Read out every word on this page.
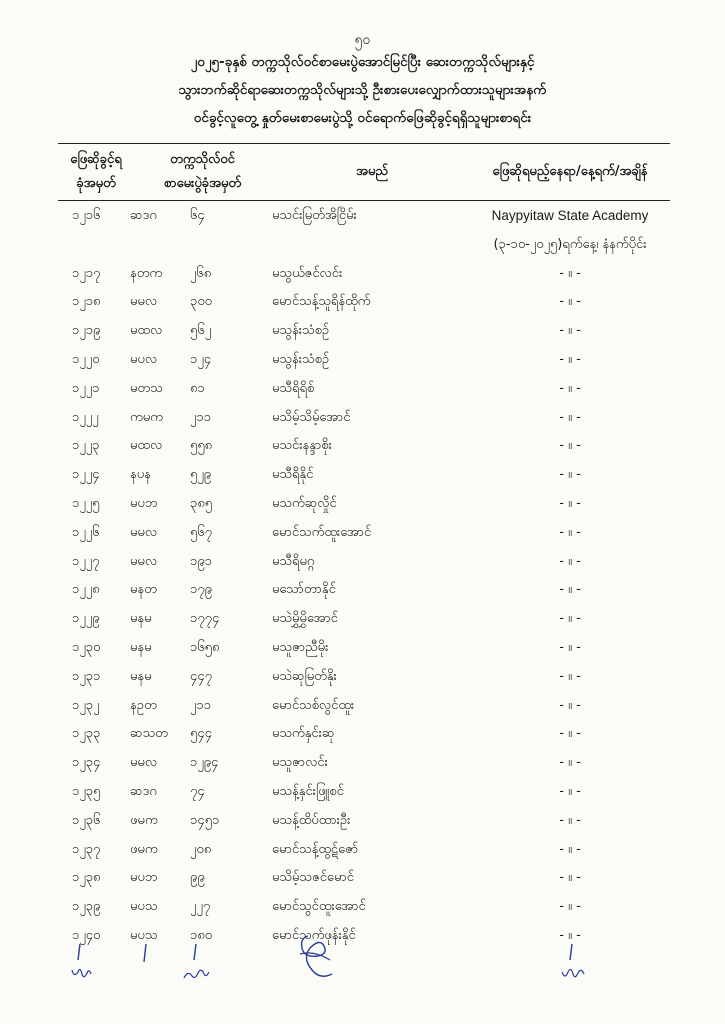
၅၀
၂၀၂၅-ခုနှစ် တက္ကသိုလ်ဝင်စာမေးပွဲအောင်မြင်ပြီး ဆေးတက္ကသိုလ်များနှင့်
သွားဘက်ဆိုင်ရာဆေးတက္ကသိုလ်များသို့ ဦးစားပေးလျှောက်ထားသူများအနက်
ဝင်ခွင့်လူတွေ့ နှုတ်မေးစာမေးပွဲသို့ ဝင်ရောက်ဖြေဆိုခွင့်ရရှိသူများစာရင်း
ဖြေဆိုခွင့်ရ
ခုံအမှတ်
တက္ကသိုလ်ဝင်
စာမေးပွဲခုံအမှတ်
အမည်	ဖြေဆိုရမည့်နေရာ/နေ့ရက်/အချိန်
၁၂၁၆	ဆဒဂ	၆၄	မသင်းမြတ်အိငြိမ်း	Naypyitaw State Academy
(၃-၁၀-၂၀၂၅)ရက်နေ့၊ နံနက်ပိုင်း
၁၂၁၇	နတက	၂၆၈	မသွယ်ဇင်လင်း	- ။ -
၁၂၁၈	မမလ	၃၀၀	မောင်သန့်သူရိန်ထိုက်	- ။ -
၁၂၁၉	မထလ	၅၆၂	မသွန်းသံစဉ်	- ။ -
၁၂၂၀	မပလ	၁၂၄	မသွန်းသံစဉ်	- ။ -
၁၂၂၁	မတသ	၈၁	မသီရိရိစ်	- ။ -
၁၂၂၂	ကမက	၂၁၁	မသိမ့်သိမ့်အောင်	- ။ -
၁၂၂၃	မထလ	၅၅၈	မသင်းနန္ဒာစိုး	- ။ -
၁၂၂၄	နပန	၅၂၉	မသီရိနိုင်	- ။ -
၁၂၂၅	မပဘ	၃၈၅	မသက်ဆုလှိုင်	- ။ -
၁၂၂၆	မမလ	၅၆၇	မောင်သက်ထူးအောင်	- ။ -
၁၂၂၇	မမလ	၁၉၁	မသီရိမဂ္ဂ	- ။ -
၁၂၂၈	မနတ	၁၇၉	မသော်တာနိုင်	- ။ -
၁၂၂၉	မနမ	၁၇၇၄	မသဲမွှိမွှိအောင်	- ။ -
၁၂၃၀	မနမ	၁၆၅၈	မသူဇာညီမိုး	- ။ -
၁၂၃၁	မနမ	၄၄၇	မသဲဆုမြတ်နိုး	- ။ -
၁၂၃၂	နဥတ	၂၁၁	မောင်သစ်လွင်ထူး	- ။ -
၁၂၃၃	ဆသတ	၅၄၄	မသက်နှင်းဆု	- ။ -
၁၂၃၄	မမလ	၁၂၉၄	မသူဇာလင်း	- ။ -
၁၂၃၅	ဆဒဂ	၇၄	မသန့်နှင်းဖြူစင်	- ။ -
၁၂၃၆	ဖမက	၁၄၅၁	မသန့်ထိပ်ထားဦး	- ။ -
၁၂၃၇	ဖမက	၂၀၈	မောင်သန့်ထွဋ်ဇော်	- ။ -
၁၂၃၈	မပဘ	၉၉	မသိမ့်သဇင်မောင်	- ။ -
၁၂၃၉	မပသ	၂၂၇	မောင်သွင်ထူးအောင်	- ။ -
၁၂၄၀	မပသ	၁၈၀	မောင်သက်ဖုန်းနိုင်	- ။ -
